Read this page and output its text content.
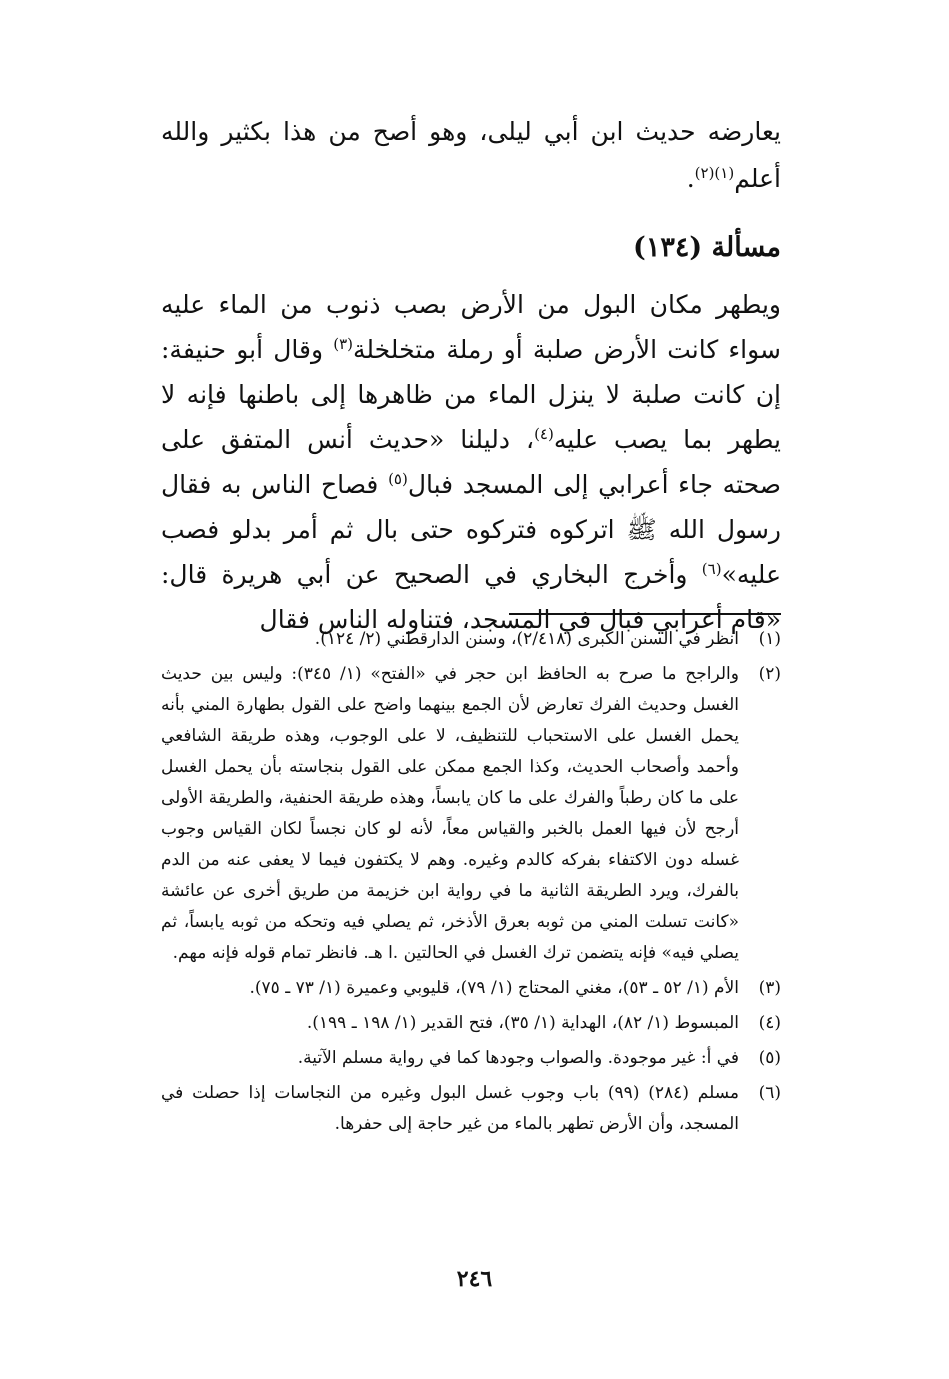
يعارضه حديث ابن أبي ليلى، وهو أصح من هذا بكثير والله أعلم$^{(١)(٢)}$.

مسألة (١٣٤)

ويطهر مكان البول من الأرض بصب ذنوب من الماء عليه سواء كانت الأرض صلبة أو رملة متخلخلة$^{(٣)}$ وقال أبو حنيفة: إن كانت صلبة لا ينزل الماء من ظاهرها إلى باطنها فإنه لا يطهر بما يصب عليه$^{(٤)}$، دليلنا «حديث أنس المتفق على صحته جاء أعرابي إلى المسجد فبال$^{(٥)}$ فصاح الناس به فقال رسول الله ﷺ اتركوه فتركوه حتى بال ثم أمر بدلو فصب عليه»$^{(٦)}$ وأخرج البخاري في الصحيح عن أبي هريرة قال: «قام أعرابي فبال في المسجد، فتناوله الناس فقال

(١)
انظر في السنن الكبرى (٢/٤١٨)، وسنن الدارقطني (٢/ ١٢٤).
(٢)
والراجح ما صرح به الحافظ ابن حجر في «الفتح» (١/ ٣٤٥): وليس بين حديث الغسل وحديث الفرك تعارض لأن الجمع بينهما واضح على القول بطهارة المني بأنه يحمل الغسل على الاستحباب للتنظيف، لا على الوجوب، وهذه طريقة الشافعي وأحمد وأصحاب الحديث، وكذا الجمع ممكن على القول بنجاسته بأن يحمل الغسل على ما كان رطباً والفرك على ما كان يابساً، وهذه طريقة الحنفية، والطريقة الأولى أرجح لأن فيها العمل بالخبر والقياس معاً، لأنه لو كان نجساً لكان القياس وجوب غسله دون الاكتفاء بفركه كالدم وغيره. وهم لا يكتفون فيما لا يعفى عنه من الدم بالفرك، ويرد الطريقة الثانية ما في رواية ابن خزيمة من طريق أخرى عن عائشة «كانت تسلت المني من ثوبه بعرق الأذخر، ثم يصلي فيه وتحكه من ثوبه يابساً، ثم يصلي فيه» فإنه يتضمن ترك الغسل في الحالتين .ا هـ. فانظر تمام قوله فإنه مهم.
(٣)
الأم (١/ ٥٢ ـ ٥٣)، مغني المحتاج (١/ ٧٩)، قليوبي وعميرة (١/ ٧٣ ـ ٧٥).
(٤)
المبسوط (١/ ٨٢)، الهداية (١/ ٣٥)، فتح القدير (١/ ١٩٨ ـ ١٩٩).
(٥)
في أ: غير موجودة. والصواب وجودها كما في رواية مسلم الآتية.
(٦)
مسلم (٢٨٤) (٩٩) باب وجوب غسل البول وغيره من النجاسات إذا حصلت في المسجد، وأن الأرض تطهر بالماء من غير حاجة إلى حفرها.
٢٤٦
